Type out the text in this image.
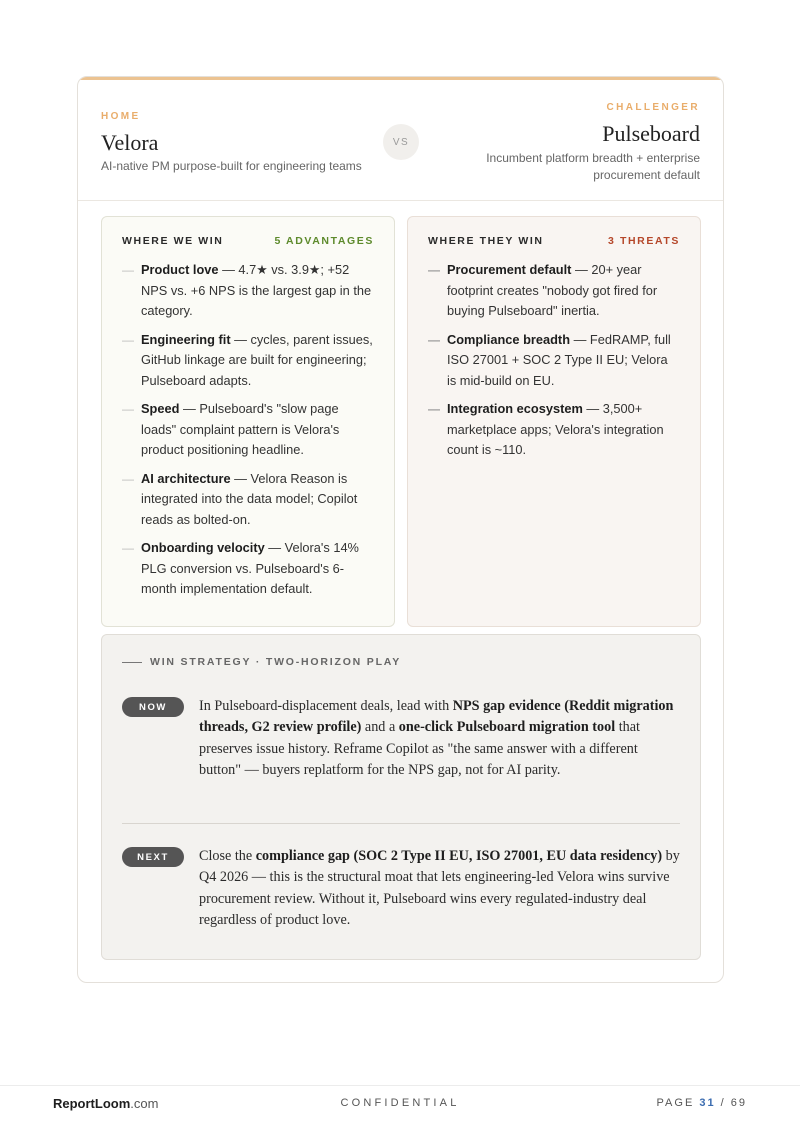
HOME
Velora
AI-native PM purpose-built for engineering teams
VS
CHALLENGER
Pulseboard
Incumbent platform breadth + enterprise procurement default
WHERE WE WIN	5 ADVANTAGES
— Product love — 4.7★ vs. 3.9★; +52 NPS vs. +6 NPS is the largest gap in the category.
— Engineering fit — cycles, parent issues, GitHub linkage are built for engineering; Pulseboard adapts.
— Speed — Pulseboard's "slow page loads" complaint pattern is Velora's product positioning headline.
— AI architecture — Velora Reason is integrated into the data model; Copilot reads as bolted-on.
— Onboarding velocity — Velora's 14% PLG conversion vs. Pulseboard's 6-month implementation default.
WHERE THEY WIN	3 THREATS
— Procurement default — 20+ year footprint creates "nobody got fired for buying Pulseboard" inertia.
— Compliance breadth — FedRAMP, full ISO 27001 + SOC 2 Type II EU; Velora is mid-build on EU.
— Integration ecosystem — 3,500+ marketplace apps; Velora's integration count is ~110.
WIN STRATEGY · TWO-HORIZON PLAY
NOW	In Pulseboard-displacement deals, lead with NPS gap evidence (Reddit migration threads, G2 review profile) and a one-click Pulseboard migration tool that preserves issue history. Reframe Copilot as "the same answer with a different button" — buyers replatform for the NPS gap, not for AI parity.
NEXT	Close the compliance gap (SOC 2 Type II EU, ISO 27001, EU data residency) by Q4 2026 — this is the structural moat that lets engineering-led Velora wins survive procurement review. Without it, Pulseboard wins every regulated-industry deal regardless of product love.
ReportLoom.com	CONFIDENTIAL	PAGE 31 / 69
